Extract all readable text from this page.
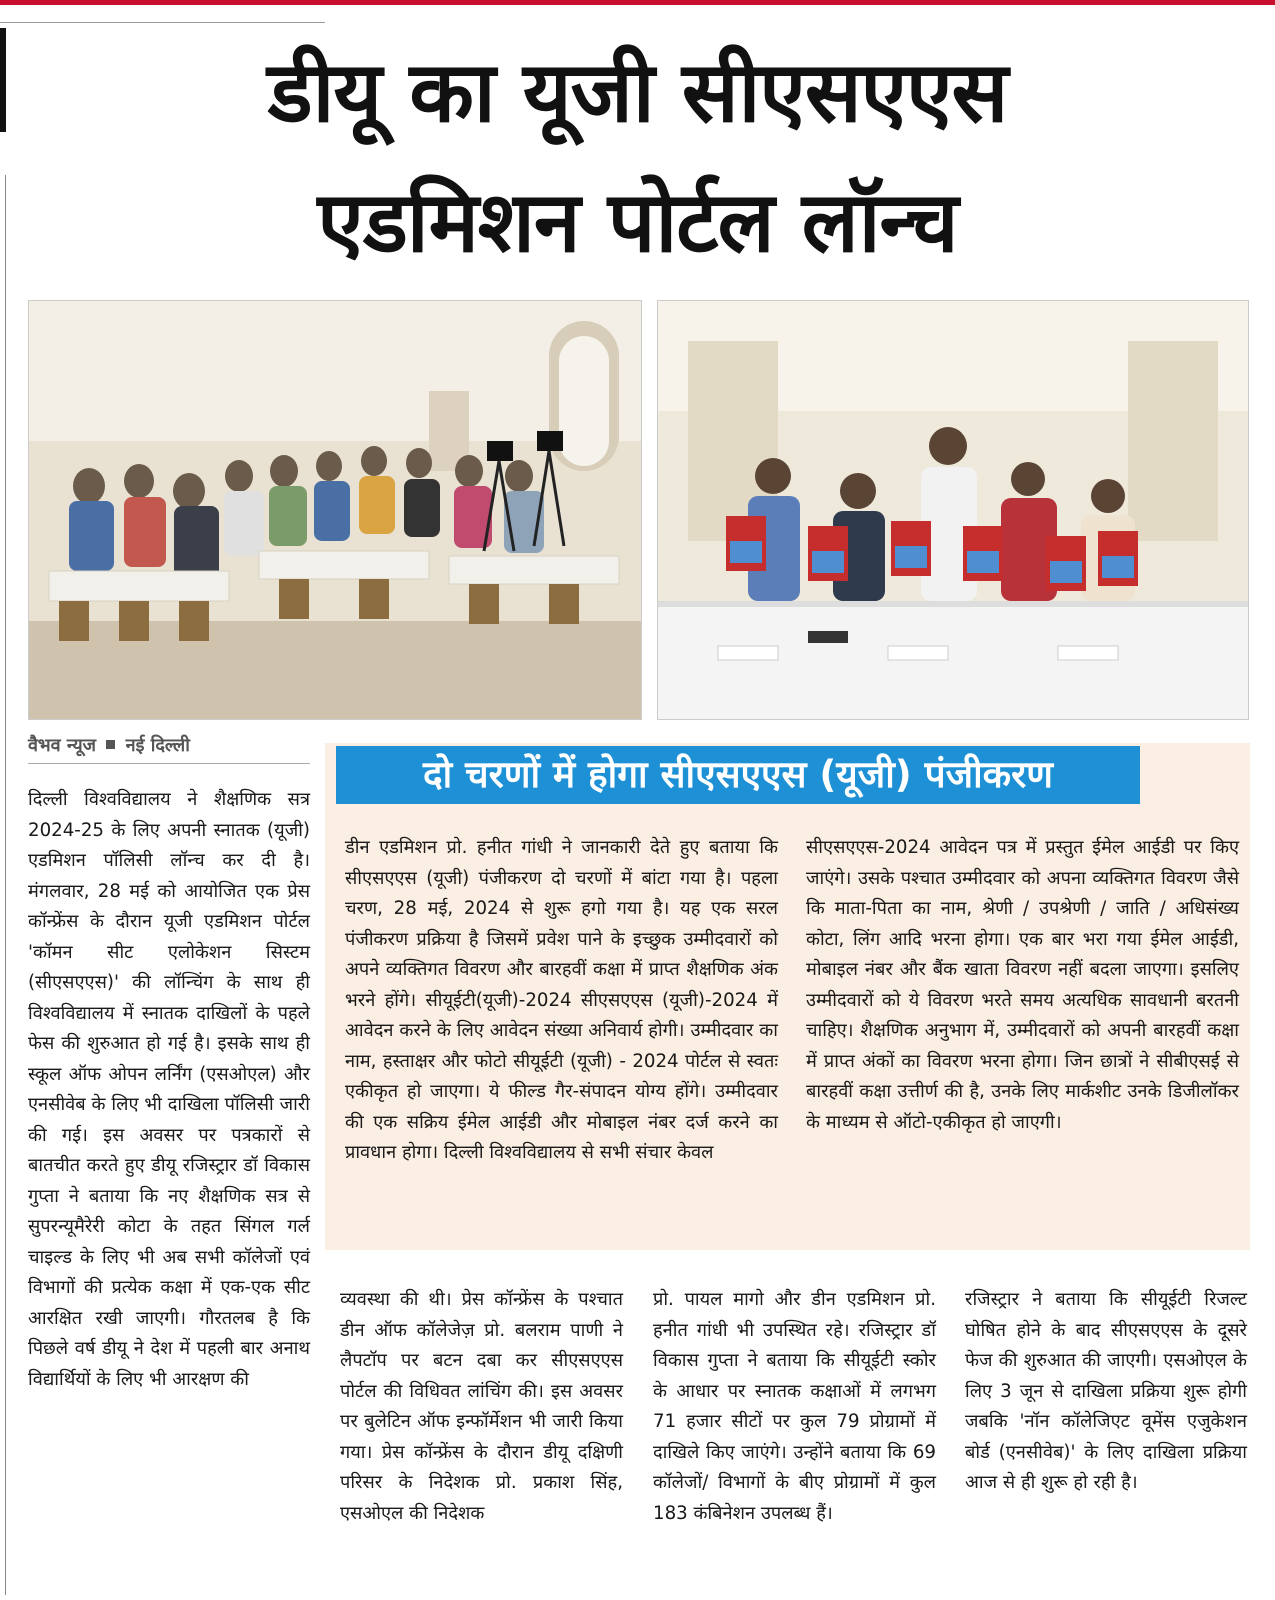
डीयू का यूजी सीएसएएस
एडमिशन पोर्टल लॉन्च
वैभव न्यूज नई दिल्ली
दो चरणों में होगा सीएसएएस (यूजी) पंजीकरण
डीन एडमिशन प्रो. हनीत गांधी ने जानकारी देते हुए बताया कि सीएसएएस (यूजी) पंजीकरण दो चरणों में बांटा गया है। पहला चरण, 28 मई, 2024 से शुरू हगो गया है। यह एक सरल पंजीकरण प्रक्रिया है जिसमें प्रवेश पाने के इच्छुक उम्मीदवारों को अपने व्यक्तिगत विवरण और बारहवीं कक्षा में प्राप्त शैक्षणिक अंक भरने होंगे। सीयूईटी(यूजी)-2024 सीएसएएस (यूजी)-2024 में आवेदन करने के लिए आवेदन संख्या अनिवार्य होगी। उम्मीदवार का नाम, हस्ताक्षर और फोटो सीयूईटी (यूजी) - 2024 पोर्टल से स्वतः एकीकृत हो जाएगा। ये फील्ड गैर-संपादन योग्य होंगे। उम्मीदवार की एक सक्रिय ईमेल आईडी और मोबाइल नंबर दर्ज करने का प्रावधान होगा। दिल्ली विश्वविद्यालय से सभी संचार केवल
सीएसएएस-2024 आवेदन पत्र में प्रस्तुत ईमेल आईडी पर किए जाएंगे। उसके पश्चात उम्मीदवार को अपना व्यक्तिगत विवरण जैसे कि माता-पिता का नाम, श्रेणी / उपश्रेणी / जाति / अधिसंख्य कोटा, लिंग आदि भरना होगा। एक बार भरा गया ईमेल आईडी, मोबाइल नंबर और बैंक खाता विवरण नहीं बदला जाएगा। इसलिए उम्मीदवारों को ये विवरण भरते समय अत्यधिक सावधानी बरतनी चाहिए। शैक्षणिक अनुभाग में, उम्मीदवारों को अपनी बारहवीं कक्षा में प्राप्त अंकों का विवरण भरना होगा। जिन छात्रों ने सीबीएसई से बारहवीं कक्षा उत्तीर्ण की है, उनके लिए मार्कशीट उनके डिजीलॉकर के माध्यम से ऑटो-एकीकृत हो जाएगी।
दिल्ली विश्वविद्यालय ने शैक्षणिक सत्र 2024-25 के लिए अपनी स्नातक (यूजी) एडमिशन पॉलिसी लॉन्च कर दी है। मंगलवार, 28 मई को आयोजित एक प्रेस कॉन्फ्रेंस के दौरान यूजी एडमिशन पोर्टल 'कॉमन सीट एलोकेशन सिस्टम (सीएसएएस)' की लॉन्चिंग के साथ ही विश्वविद्यालय में स्नातक दाखिलों के पहले फेस की शुरुआत हो गई है। इसके साथ ही स्कूल ऑफ ओपन लर्निंग (एसओएल) और एनसीवेब के लिए भी दाखिला पॉलिसी जारी की गई। इस अवसर पर पत्रकारों से बातचीत करते हुए डीयू रजिस्ट्रार डॉ विकास गुप्ता ने बताया कि नए शैक्षणिक सत्र से सुपरन्यूमैरेरी कोटा के तहत सिंगल गर्ल चाइल्ड के लिए भी अब सभी कॉलेजों एवं विभागों की प्रत्येक कक्षा में एक-एक सीट आरक्षित रखी जाएगी। गौरतलब है कि पिछले वर्ष डीयू ने देश में पहली बार अनाथ विद्यार्थियों के लिए भी आरक्षण की
व्यवस्था की थी। प्रेस कॉन्फ्रेंस के पश्चात डीन ऑफ कॉलेजेज़ प्रो. बलराम पाणी ने लैपटॉप पर बटन दबा कर सीएसएएस पोर्टल की विधिवत लांचिंग की। इस अवसर पर बुलेटिन ऑफ इन्फॉर्मेशन भी जारी किया गया। प्रेस कॉन्फ्रेंस के दौरान डीयू दक्षिणी परिसर के निदेशक प्रो. प्रकाश सिंह, एसओएल की निदेशक
प्रो. पायल मागो और डीन एडमिशन प्रो. हनीत गांधी भी उपस्थित रहे। रजिस्ट्रार डॉ विकास गुप्ता ने बताया कि सीयूईटी स्कोर के आधार पर स्नातक कक्षाओं में लगभग 71 हजार सीटों पर कुल 79 प्रोग्रामों में दाखिले किए जाएंगे। उन्होंने बताया कि 69 कॉलेजों/ विभागों के बीए प्रोग्रामों में कुल 183 कंबिनेशन उपलब्ध हैं।
रजिस्ट्रार ने बताया कि सीयूईटी रिजल्ट घोषित होने के बाद सीएसएएस के दूसरे फेज की शुरुआत की जाएगी। एसओएल के लिए 3 जून से दाखिला प्रक्रिया शुरू होगी जबकि 'नॉन कॉलेजिएट वूमेंस एजुकेशन बोर्ड (एनसीवेब)' के लिए दाखिला प्रक्रिया आज से ही शुरू हो रही है।
